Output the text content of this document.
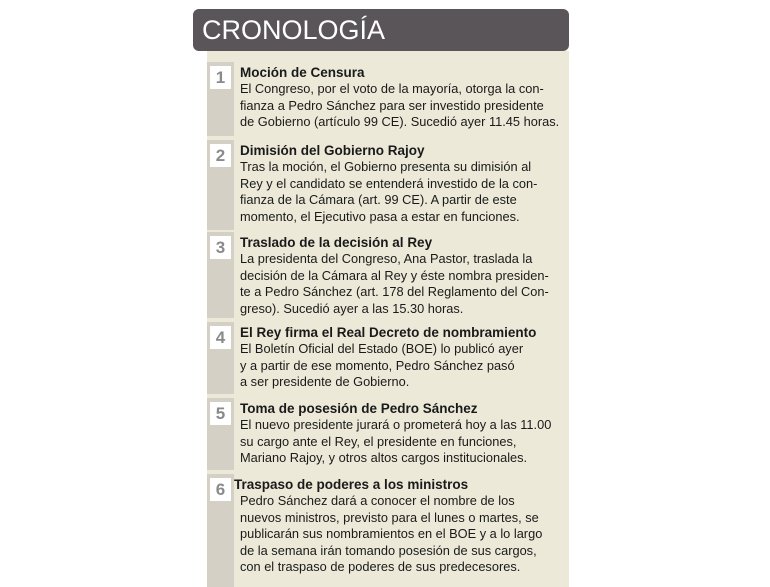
CRONOLOGÍA
1	Moción de Censura
El Congreso, por el voto de la mayoría, otorga la con-
fianza a Pedro Sánchez para ser investido presidente
de Gobierno (artículo 99 CE). Sucedió ayer 11.45 horas.
2	Dimisión del Gobierno Rajoy
Tras la moción, el Gobierno presenta su dimisión al
Rey y el candidato se entenderá investido de la con-
fianza de la Cámara (art. 99 CE). A partir de este
momento, el Ejecutivo pasa a estar en funciones.
3	Traslado de la decisión al Rey
La presidenta del Congreso, Ana Pastor, traslada la
decisión de la Cámara al Rey y éste nombra presiden-
te a Pedro Sánchez (art. 178 del Reglamento del Con-
greso). Sucedió ayer a las 15.30 horas.
4	El Rey firma el Real Decreto de nombramiento
El Boletín Oficial del Estado (BOE) lo publicó ayer
y a partir de ese momento, Pedro Sánchez pasó
a ser presidente de Gobierno.
5	Toma de posesión de Pedro Sánchez
El nuevo presidente jurará o prometerá hoy a las 11.00
su cargo ante el Rey, el presidente en funciones,
Mariano Rajoy, y otros altos cargos institucionales.
6 Traspaso de poderes a los ministros
Pedro Sánchez dará a conocer el nombre de los
nuevos ministros, previsto para el lunes o martes, se
publicarán sus nombramientos en el BOE y a lo largo
de la semana irán tomando posesión de sus cargos,
con el traspaso de poderes de sus predecesores.
